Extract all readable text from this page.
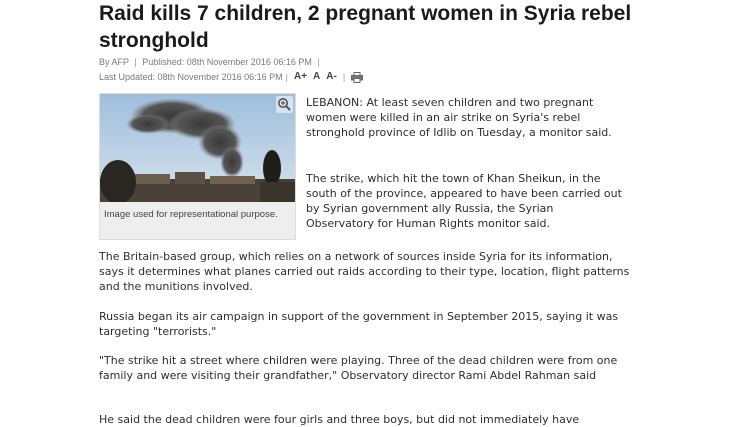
Raid kills 7 children, 2 pregnant women in Syria rebel stronghold
By AFP | Published: 08th November 2016 06:16 PM |
Last Updated: 08th November 2016 06:16 PM | A+ A A- |
Image used for representational purpose.

LEBANON: At least seven children and two pregnant women were killed in an air strike on Syria's rebel stronghold province of Idlib on Tuesday, a monitor said.

The strike, which hit the town of Khan Sheikun, in the south of the province, appeared to have been carried out by Syrian government ally Russia, the Syrian Observatory for Human Rights monitor said.

The Britain-based group, which relies on a network of sources inside Syria for its information, says it determines what planes carried out raids according to their type, location, flight patterns and the munitions involved.

Russia began its air campaign in support of the government in September 2015, saying it was targeting "terrorists."

"The strike hit a street where children were playing. Three of the dead children were from one family and were visiting their grandfather," Observatory director Rami Abdel Rahman said

He said the dead children were four girls and three boys, but did not immediately have
